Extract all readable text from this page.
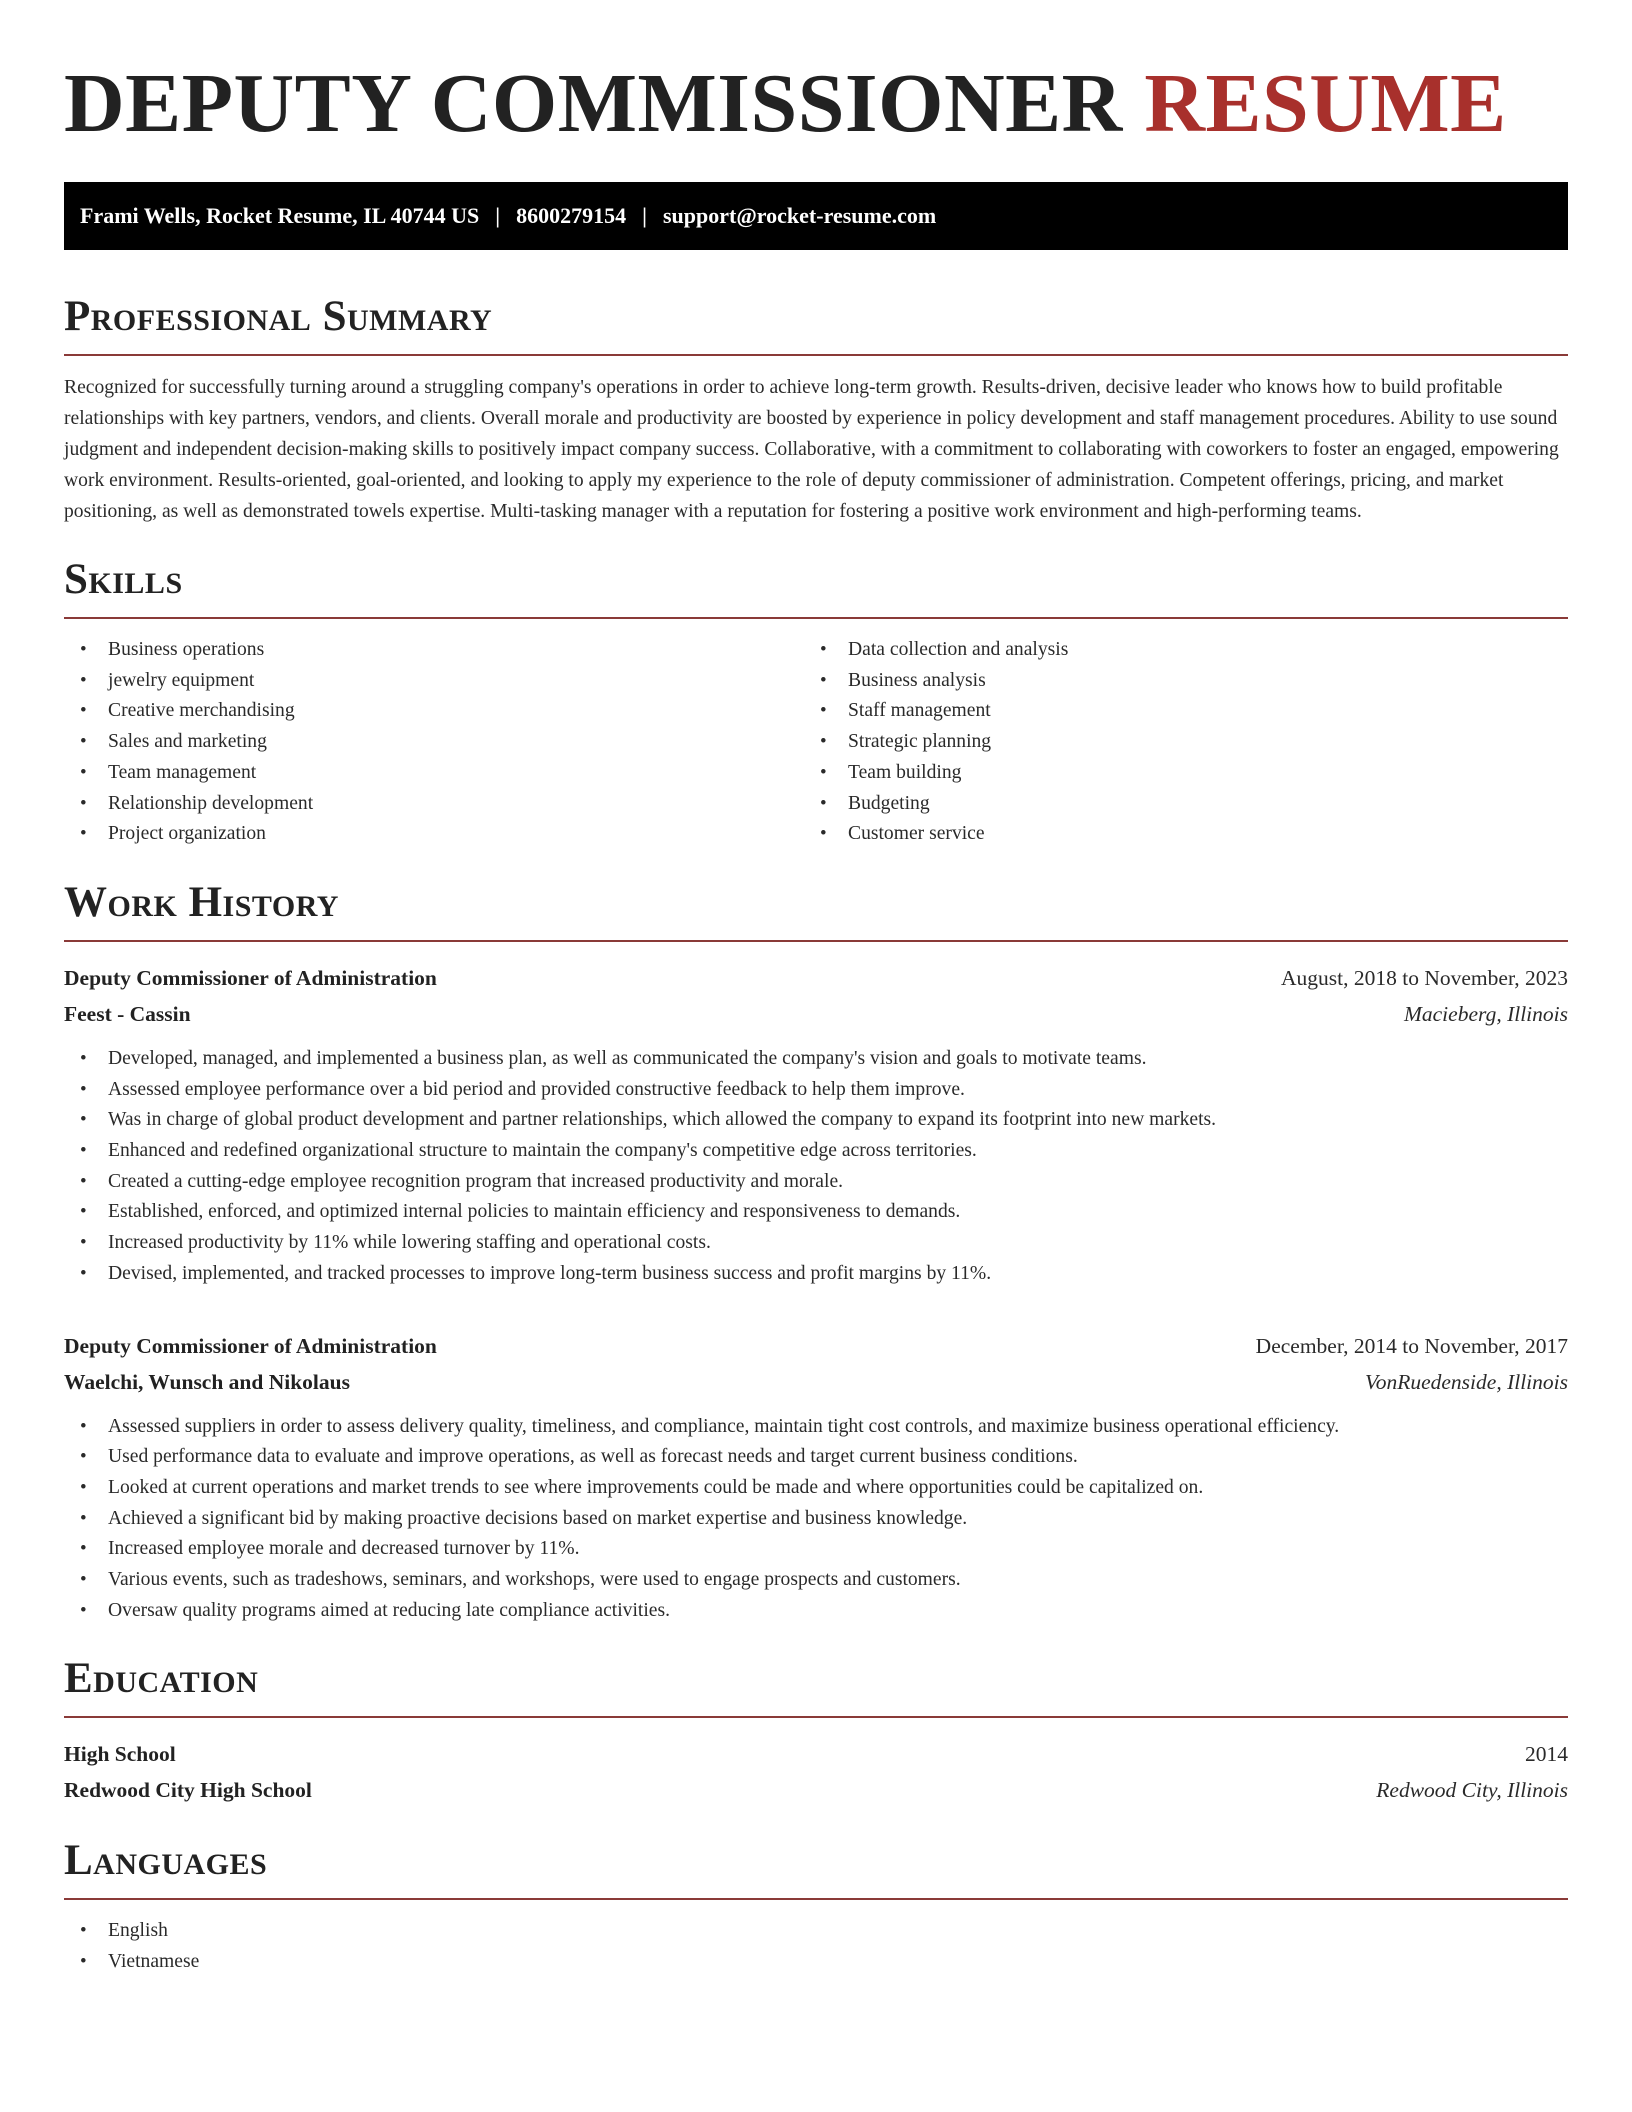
DEPUTY COMMISSIONER RESUME
Frami Wells, Rocket Resume, IL 40744 US | 8600279154 | support@rocket-resume.com
Professional Summary

Recognized for successfully turning around a struggling company's operations in order to achieve long-term growth. Results-driven, decisive leader who knows how to build profitable relationships with key partners, vendors, and clients. Overall morale and productivity are boosted by experience in policy development and staff management procedures. Ability to use sound judgment and independent decision-making skills to positively impact company success. Collaborative, with a commitment to collaborating with coworkers to foster an engaged, empowering work environment. Results-oriented, goal-oriented, and looking to apply my experience to the role of deputy commissioner of administration. Competent offerings, pricing, and market positioning, as well as demonstrated towels expertise. Multi-tasking manager with a reputation for fostering a positive work environment and high-performing teams.

Skills
• Business operations
• jewelry equipment
• Creative merchandising
• Sales and marketing
• Team management
• Relationship development
• Project organization
• Data collection and analysis
• Business analysis
• Staff management
• Strategic planning
• Team building
• Budgeting
• Customer service
Work History
Deputy Commissioner of Administration	August, 2018 to November, 2023
Feest - Cassin	Macieberg, Illinois
• Developed, managed, and implemented a business plan, as well as communicated the company's vision and goals to motivate teams.
• Assessed employee performance over a bid period and provided constructive feedback to help them improve.
• Was in charge of global product development and partner relationships, which allowed the company to expand its footprint into new markets.
• Enhanced and redefined organizational structure to maintain the company's competitive edge across territories.
• Created a cutting-edge employee recognition program that increased productivity and morale.
• Established, enforced, and optimized internal policies to maintain efficiency and responsiveness to demands.
• Increased productivity by 11% while lowering staffing and operational costs.
• Devised, implemented, and tracked processes to improve long-term business success and profit margins by 11%.
Deputy Commissioner of Administration	December, 2014 to November, 2017
Waelchi, Wunsch and Nikolaus	VonRuedenside, Illinois
• Assessed suppliers in order to assess delivery quality, timeliness, and compliance, maintain tight cost controls, and maximize business operational efficiency.
• Used performance data to evaluate and improve operations, as well as forecast needs and target current business conditions.
• Looked at current operations and market trends to see where improvements could be made and where opportunities could be capitalized on.
• Achieved a significant bid by making proactive decisions based on market expertise and business knowledge.
• Increased employee morale and decreased turnover by 11%.
• Various events, such as tradeshows, seminars, and workshops, were used to engage prospects and customers.
• Oversaw quality programs aimed at reducing late compliance activities.
Education
High School	2014
Redwood City High School	Redwood City, Illinois
Languages
• English
• Vietnamese
